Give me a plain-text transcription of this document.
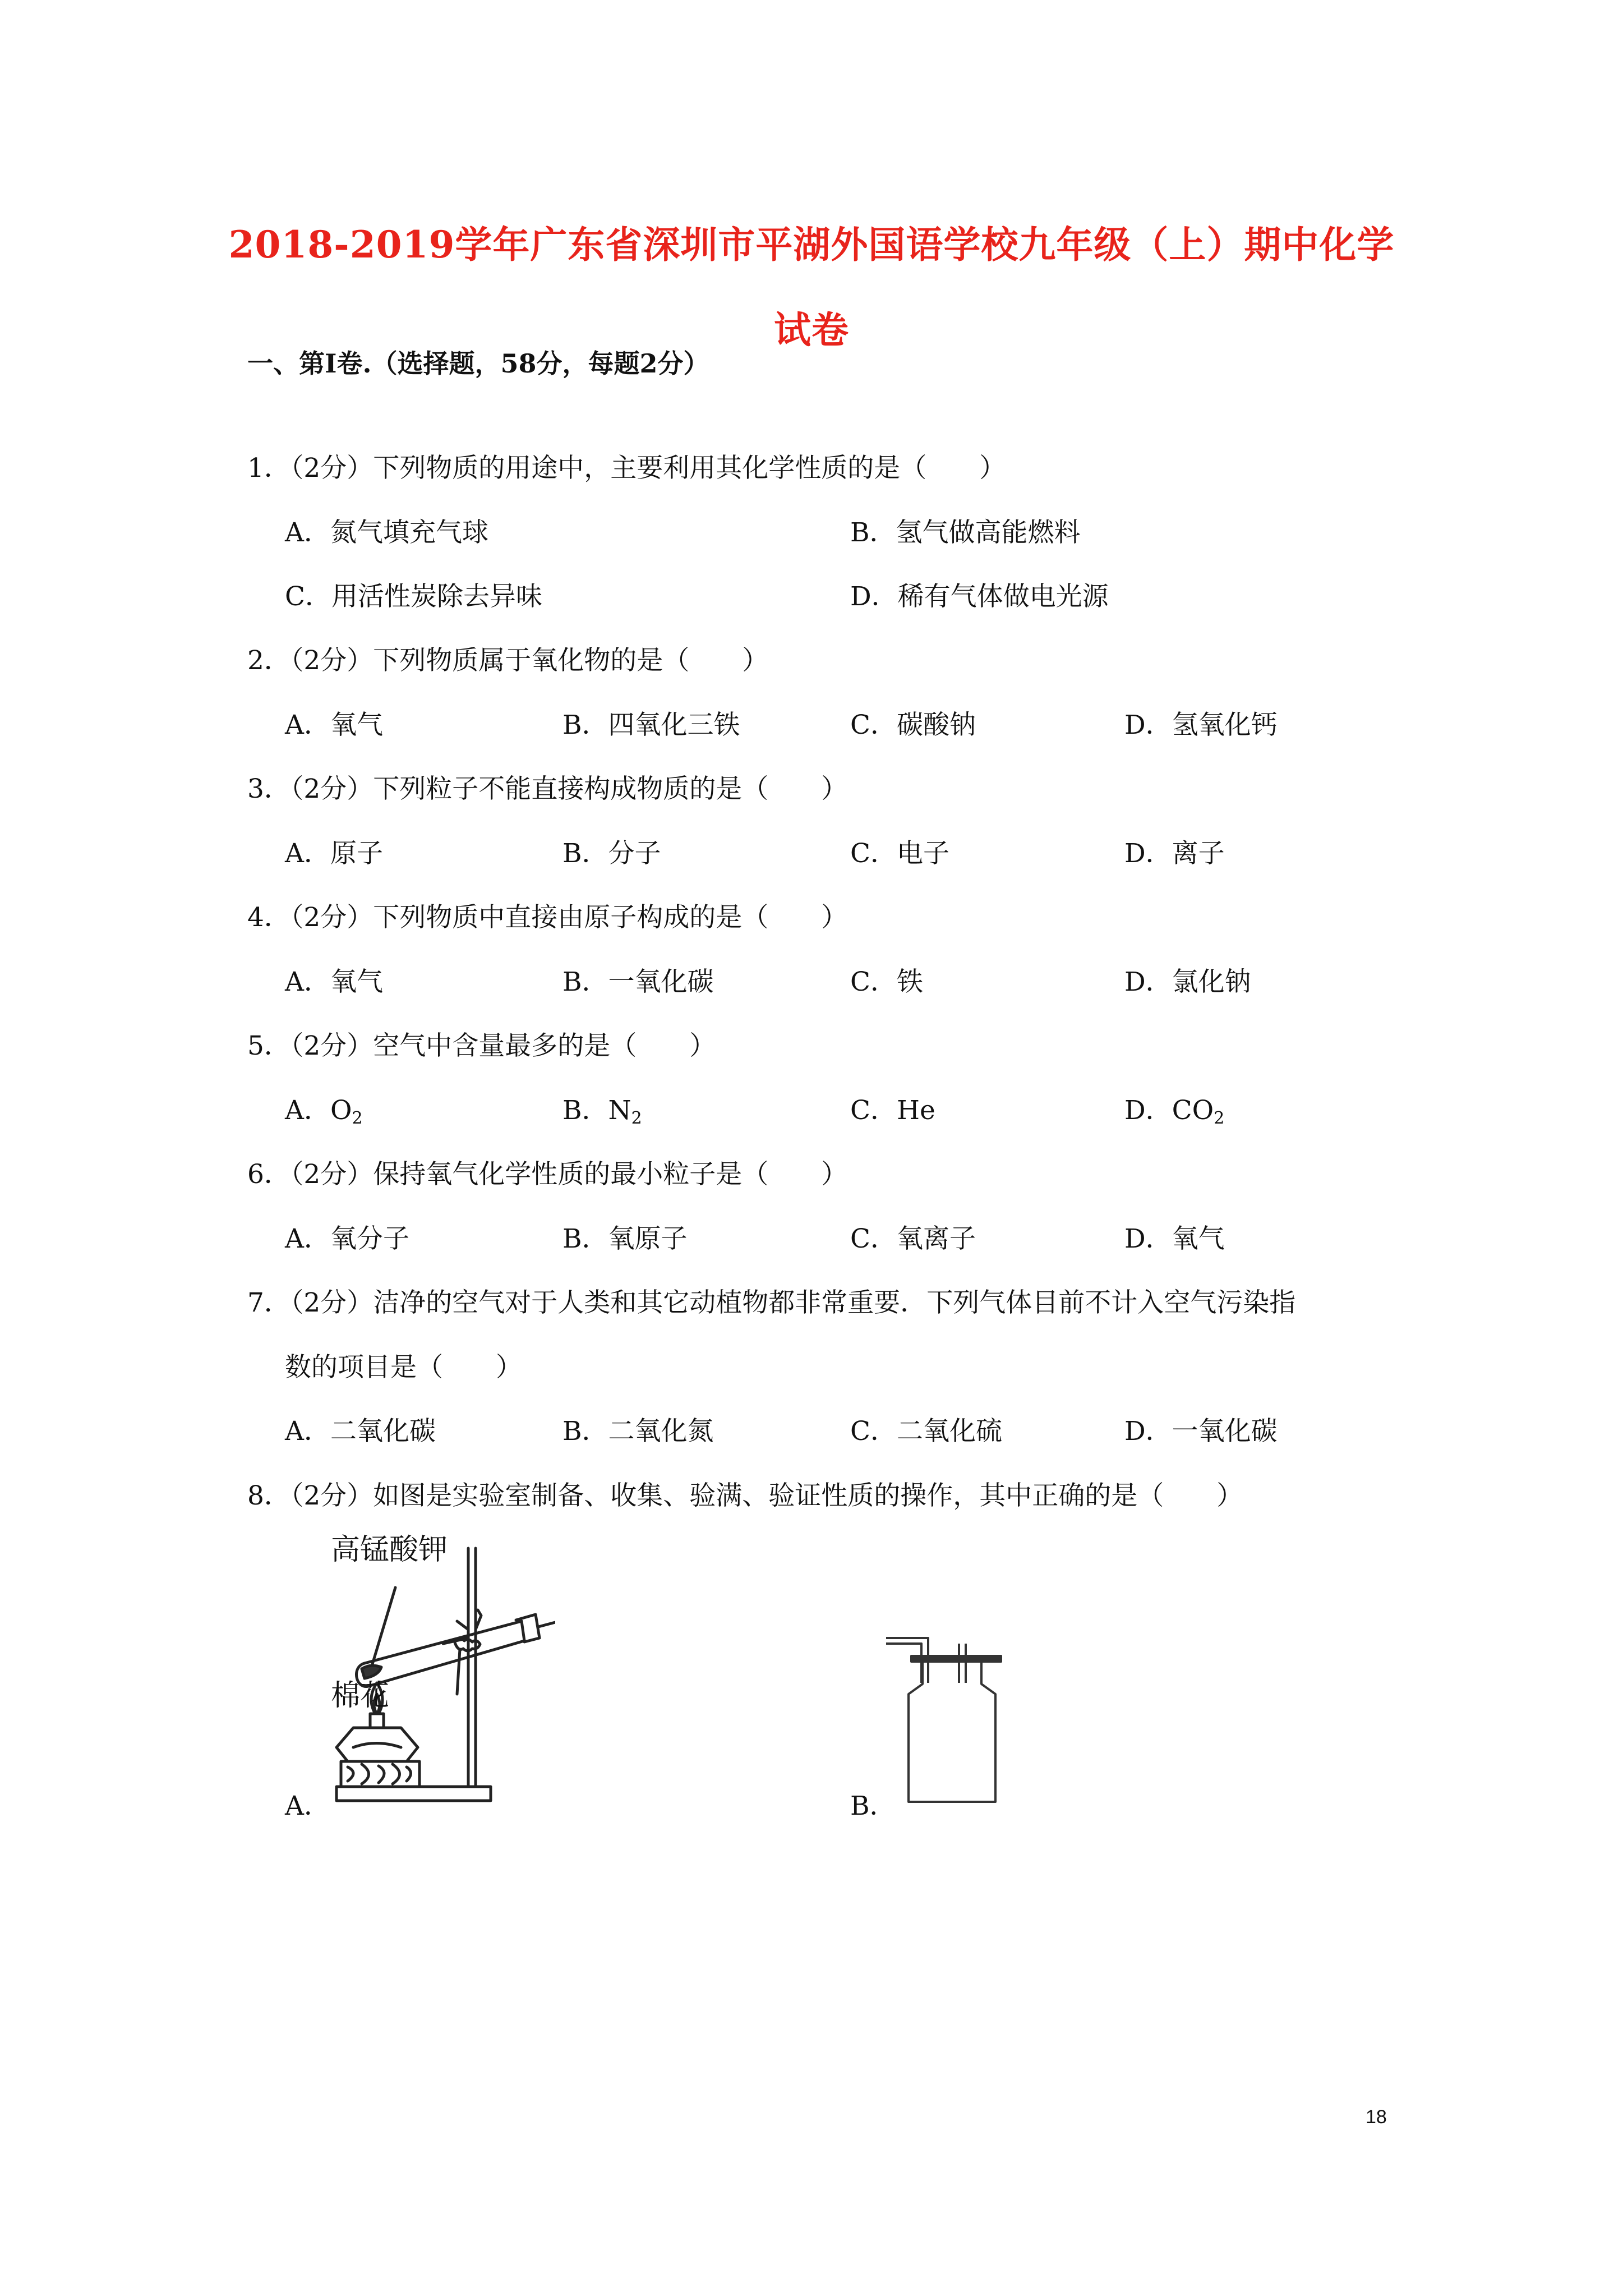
2018-2019学年广东省深圳市平湖外国语学校九年级（上）期中化学
试卷
一、第Ⅰ卷.（选择题，58分，每题2分）
1．（2分）下列物质的用途中，主要利用其化学性质的是（　　）
A．氮气填充气球	B．氢气做高能燃料
C．用活性炭除去异味	D．稀有气体做电光源
2．（2分）下列物质属于氧化物的是（　　）
A．氧气	B．四氧化三铁	C．碳酸钠	D．氢氧化钙
3．（2分）下列粒子不能直接构成物质的是（　　）
A．原子	B．分子	C．电子	D．离子
4．（2分）下列物质中直接由原子构成的是（　　）
A．氧气	B．一氧化碳	C．铁	D．氯化钠
5．（2分）空气中含量最多的是（　　）
A．$O_2$	B．$N_2$	C．He	D．$CO_2$
6．（2分）保持氧气化学性质的最小粒子是（　　）
A．氧分子	B．氧原子	C．氧离子	D．氧气
7．（2分）洁净的空气对于人类和其它动植物都非常重要．下列气体目前不计入空气污染指
数的项目是（　　）
A．二氧化碳	B．二氧化氮	C．二氧化硫	D．一氧化碳
8．（2分）如图是实验室制备、收集、验满、验证性质的操作，其中正确的是（　　）
A．	B．
高锰酸钾
棉花
18
